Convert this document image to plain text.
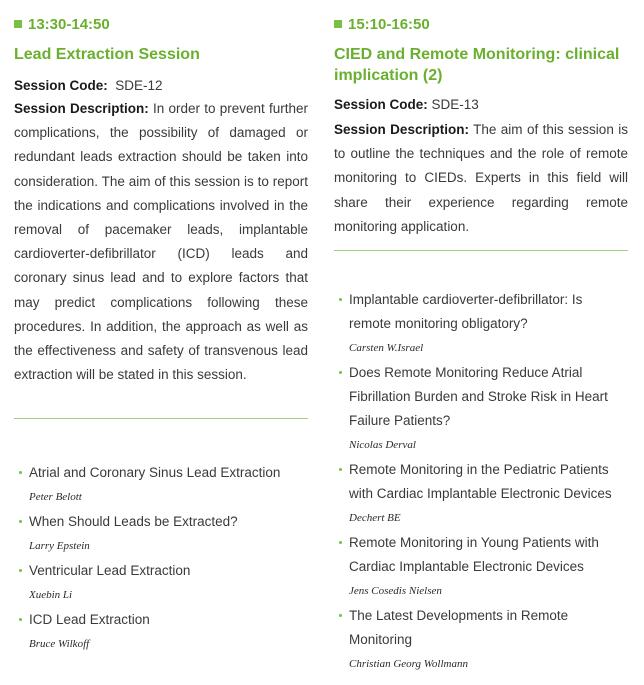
13:30-14:50
Lead Extraction Session
Session Code: SDE-12

Session Description: In order to prevent further complications, the possibility of damaged or redundant leads extraction should be taken into consideration. The aim of this session is to report the indications and complications involved in the removal of pacemaker leads, implantable cardioverter-defibrillator (ICD) leads and coronary sinus lead and to explore factors that may predict complications following these procedures. In addition, the approach as well as the effectiveness and safety of transvenous lead extraction will be stated in this session.

Atrial and Coronary Sinus Lead Extraction
Peter Belott
When Should Leads be Extracted?
Larry Epstein
Ventricular Lead Extraction
Xuebin Li
ICD Lead Extraction
Bruce Wilkoff
15:10-16:50
CIED and Remote Monitoring: clinical implication (2)
Session Code: SDE-13

Session Description: The aim of this session is to outline the techniques and the role of remote monitoring to CIEDs. Experts in this field will share their experience regarding remote monitoring application.

Implantable cardioverter-defibrillator: Is remote monitoring obligatory?
Carsten W.Israel
Does Remote Monitoring Reduce Atrial Fibrillation Burden and Stroke Risk in Heart Failure Patients?
Nicolas Derval
Remote Monitoring in the Pediatric Patients with Cardiac Implantable Electronic Devices
Dechert BE
Remote Monitoring in Young Patients with Cardiac Implantable Electronic Devices
Jens Cosedis Nielsen
The Latest Developments in Remote Monitoring
Christian Georg Wollmann
